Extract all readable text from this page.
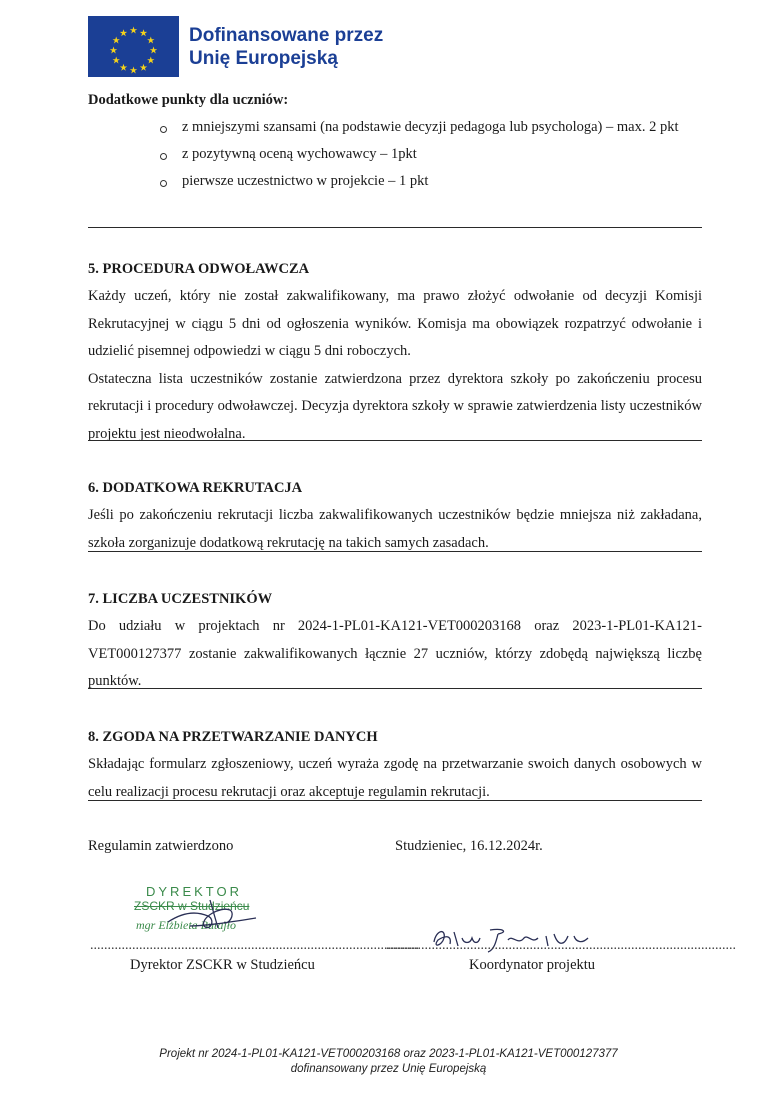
Dofinansowane przez
Unię Europejską

Dodatkowe punkty dla uczniów:

z mniejszymi szansami (na podstawie decyzji pedagoga lub psychologa) – max. 2 pkt
z pozytywną oceną wychowawcy – 1pkt
pierwsze uczestnictwo w projekcie – 1 pkt

5. PROCEDURA ODWOŁAWCZA

Każdy uczeń, który nie został zakwalifikowany, ma prawo złożyć odwołanie od decyzji Komisji Rekrutacyjnej w ciągu 5 dni od ogłoszenia wyników. Komisja ma obowiązek rozpatrzyć odwołanie i udzielić pisemnej odpowiedzi w ciągu 5 dni roboczych.

Ostateczna lista uczestników zostanie zatwierdzona przez dyrektora szkoły po zakończeniu procesu rekrutacji i procedury odwoławczej. Decyzja dyrektora szkoły w sprawie zatwierdzenia listy uczestników projektu jest nieodwołalna.

6. DODATKOWA REKRUTACJA

Jeśli po zakończeniu rekrutacji liczba zakwalifikowanych uczestników będzie mniejsza niż zakładana, szkoła zorganizuje dodatkową rekrutację na takich samych zasadach.

7. LICZBA UCZESTNIKÓW

Do udziału w projektach nr 2024-1-PL01-KA121-VET000203168 oraz 2023-1-PL01-KA121-VET000127377 zostanie zakwalifikowanych łącznie 27 uczniów, którzy zdobędą największą liczbę punktów.

8. ZGODA NA PRZETWARZANIE DANYCH

Składając formularz zgłoszeniowy, uczeń wyraża zgodę na przetwarzanie swoich danych osobowych w celu realizacji procesu rekrutacji oraz akceptuje regulamin rekrutacji.

Regulamin zatwierdzono	Studzieniec, 16.12.2024r.
DYREKTOR
ZSCKR w Studzieńcu
mgr Elżbieta Butajło
..............................................................................................
....................................................................................................
Dyrektor ZSCKR w Studzieńcu	Koordynator projektu
Projekt nr 2024-1-PL01-KA121-VET000203168 oraz 2023-1-PL01-KA121-VET000127377
dofinansowany przez Unię Europejską
